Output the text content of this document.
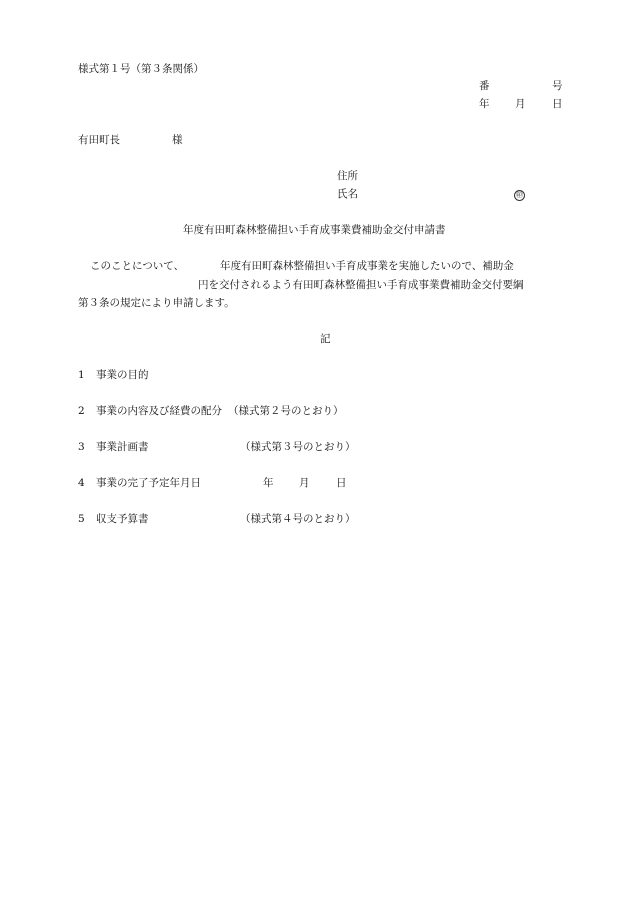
様式第１号（第３条関係）
番	号
年 月	日
有田町長	様
住所
氏名	㊞
年度有田町森林整備担い手育成事業費補助金交付申請書
このことについて、	年度有田町森林整備担い手育成事業を実施したいので、補助金
円を交付されるよう有田町森林整備担い手育成事業費補助金交付要綱
第３条の規定により申請します。
記
1 事業の目的
2 事業の内容及び経費の配分 （様式第２号のとおり）
3 事業計画書	（様式第３号のとおり）
4 事業の完了予定年月日	年 月	日
5 収支予算書	（様式第４号のとおり）
